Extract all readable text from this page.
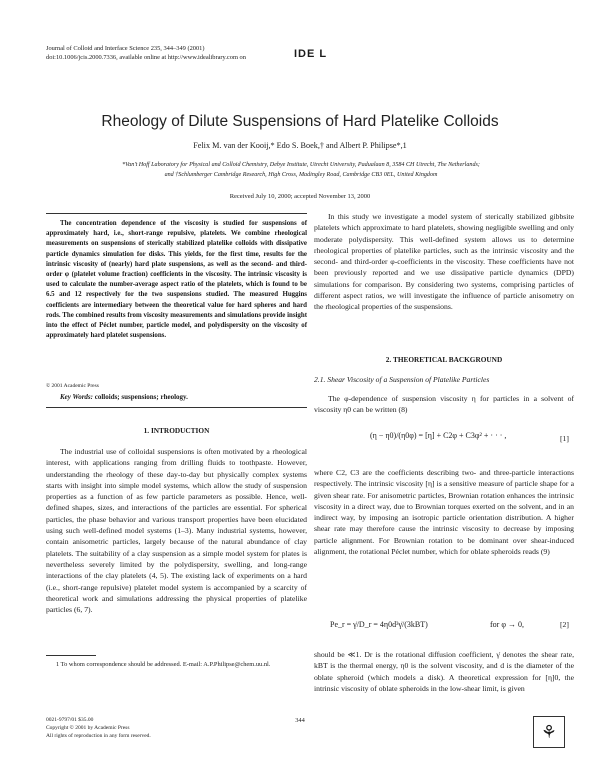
Journal of Colloid and Interface Science 235, 344–349 (2001)
doi:10.1006/jcis.2000.7336, available online at http://www.idealibrary.com on	IDE L
Rheology of Dilute Suspensions of Hard Platelike Colloids
Felix M. van der Kooij,* Edo S. Boek,† and Albert P. Philipse*,1
*Van't Hoff Laboratory for Physical and Colloid Chemistry, Debye Institute, Utrecht University, Padualaan 8, 3584 CH Utrecht, The Netherlands;
and †Schlumberger Cambridge Research, High Cross, Madingley Road, Cambridge CB3 0EL, United Kingdom
Received July 10, 2000; accepted November 13, 2000
The concentration dependence of the viscosity is studied for suspensions of approximately hard, i.e., short-range repulsive, platelets. We combine rheological measurements on suspensions of sterically stabilized platelike colloids with dissipative particle dynamics simulation for disks. This yields, for the first time, results for the intrinsic viscosity of (nearly) hard plate suspensions, as well as the second- and third-order φ (platelet volume fraction) coefficients in the viscosity. The intrinsic viscosity is used to calculate the number-average aspect ratio of the platelets, which is found to be 6.5 and 12 respectively for the two suspensions studied. The measured Huggins coefficients are intermediary between the theoretical value for hard spheres and hard rods. The combined results from viscosity measurements and simulations provide insight into the effect of Péclet number, particle model, and polydispersity on the viscosity of approximately hard platelet suspensions.
© 2001 Academic Press
Key Words: colloids; suspensions; rheology.
1. INTRODUCTION
The industrial use of colloidal suspensions is often motivated by a rheological interest, with applications ranging from drilling fluids to toothpaste. However, understanding the rheology of these day-to-day but physically complex systems starts with insight into simple model systems, which allow the study of suspension properties as a function of as few particle parameters as possible. Hence, well-defined shapes, sizes, and interactions of the particles are essential. For spherical particles, the phase behavior and various transport properties have been elucidated using such well-defined model systems (1–3). Many industrial systems, however, contain anisometric particles, largely because of the natural abundance of clay platelets. The suitability of a clay suspension as a simple model system for plates is nevertheless severely limited by the polydispersity, swelling, and long-range interactions of the clay platelets (4, 5). The existing lack of experiments on a hard (i.e., short-range repulsive) platelet model system is accompanied by a scarcity of theoretical work and simulations addressing the physical properties of platelike particles (6, 7).
1 To whom correspondence should be addressed. E-mail: A.P.Philipse@chem.uu.nl.
0021-9797/01 $35.00
Copyright © 2001 by Academic Press
All rights of reproduction in any form reserved.
344
⚘
In this study we investigate a model system of sterically stabilized gibbsite platelets which approximate to hard platelets, showing negligible swelling and only moderate polydispersity. This well-defined system allows us to determine rheological properties of platelike particles, such as the intrinsic viscosity and the second- and third-order φ-coefficients in the viscosity. These coefficients have not been previously reported and we use dissipative particle dynamics (DPD) simulations for comparison. By considering two systems, comprising particles of different aspect ratios, we will investigate the influence of particle anisometry on the rheological properties of the suspensions.
2. THEORETICAL BACKGROUND
2.1. Shear Viscosity of a Suspension of Platelike Particles
The φ-dependence of suspension viscosity η for particles in a solvent of viscosity η0 can be written (8)
(η − η0)/(η0φ) = [η] + C2φ + C3φ² + · · · ,	[1]
where C2, C3 are the coefficients describing two- and three-particle interactions respectively. The intrinsic viscosity [η] is a sensitive measure of particle shape for a given shear rate. For anisometric particles, Brownian rotation enhances the intrinsic viscosity in a direct way, due to Brownian torques exerted on the solvent, and in an indirect way, by imposing an isotropic particle orientation distribution. A higher shear rate may therefore cause the intrinsic viscosity to decrease by imposing particle alignment. For Brownian rotation to be dominant over shear-induced alignment, the rotational Péclet number, which for oblate spheroids reads (9)
Pe_r = γ̇/D_r = 4η0d³γ̇/(3kBT)	for φ → 0,	[2]
should be ≪1. Dr is the rotational diffusion coefficient, γ̇ denotes the shear rate, kBT is the thermal energy, η0 is the solvent viscosity, and d is the diameter of the oblate spheroid (which models a disk). A theoretical expression for [η]0, the intrinsic viscosity of oblate spheroids in the low-shear limit, is given
